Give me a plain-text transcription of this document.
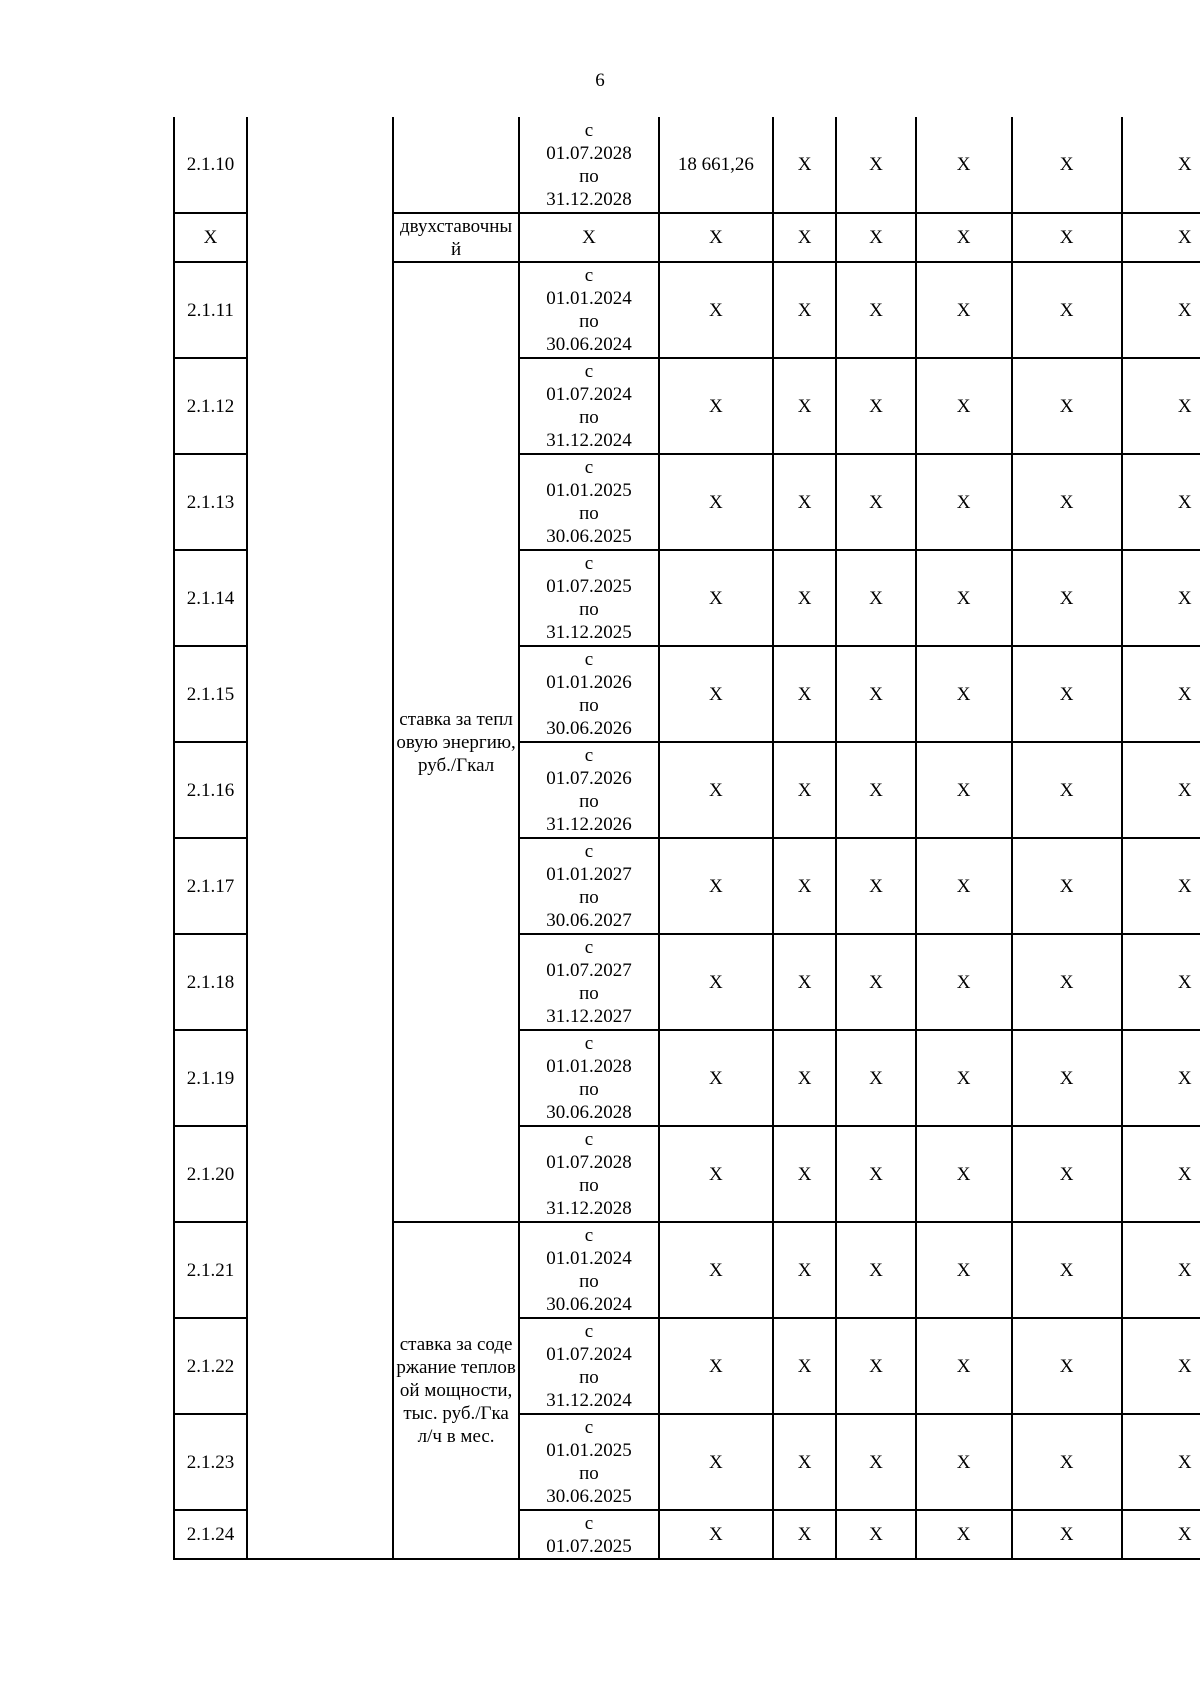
6
2.1.10			с
01.07.2028
по
31.12.2028	18 661,26	Х	Х	Х	Х	Х
Х		двухставочный	Х	Х	Х	Х	Х	Х	Х
2.1.11		ставка за тепловую энергию, руб./Гкал	с
01.01.2024
по
30.06.2024	Х	Х	Х	Х	Х	Х
2.1.12			с
01.07.2024
по
31.12.2024	Х	Х	Х	Х	Х	Х
2.1.13			с
01.01.2025
по
30.06.2025	Х	Х	Х	Х	Х	Х
2.1.14			с
01.07.2025
по
31.12.2025	Х	Х	Х	Х	Х	Х
2.1.15			с
01.01.2026
по
30.06.2026	Х	Х	Х	Х	Х	Х
2.1.16			с
01.07.2026
по
31.12.2026	Х	Х	Х	Х	Х	Х
2.1.17			с
01.01.2027
по
30.06.2027	Х	Х	Х	Х	Х	Х
2.1.18			с
01.07.2027
по
31.12.2027	Х	Х	Х	Х	Х	Х
2.1.19			с
01.01.2028
по
30.06.2028	Х	Х	Х	Х	Х	Х
2.1.20			с
01.07.2028
по
31.12.2028	Х	Х	Х	Х	Х	Х
2.1.21		ставка за содержание тепловой мощности, тыс. руб./Гкал/ч в мес.	с
01.01.2024
по
30.06.2024	Х	Х	Х	Х	Х	Х
2.1.22			с
01.07.2024
по
31.12.2024	Х	Х	Х	Х	Х	Х
2.1.23			с
01.01.2025
по
30.06.2025	Х	Х	Х	Х	Х	Х
2.1.24			с
01.07.2025	Х	Х	Х	Х	Х	Х
